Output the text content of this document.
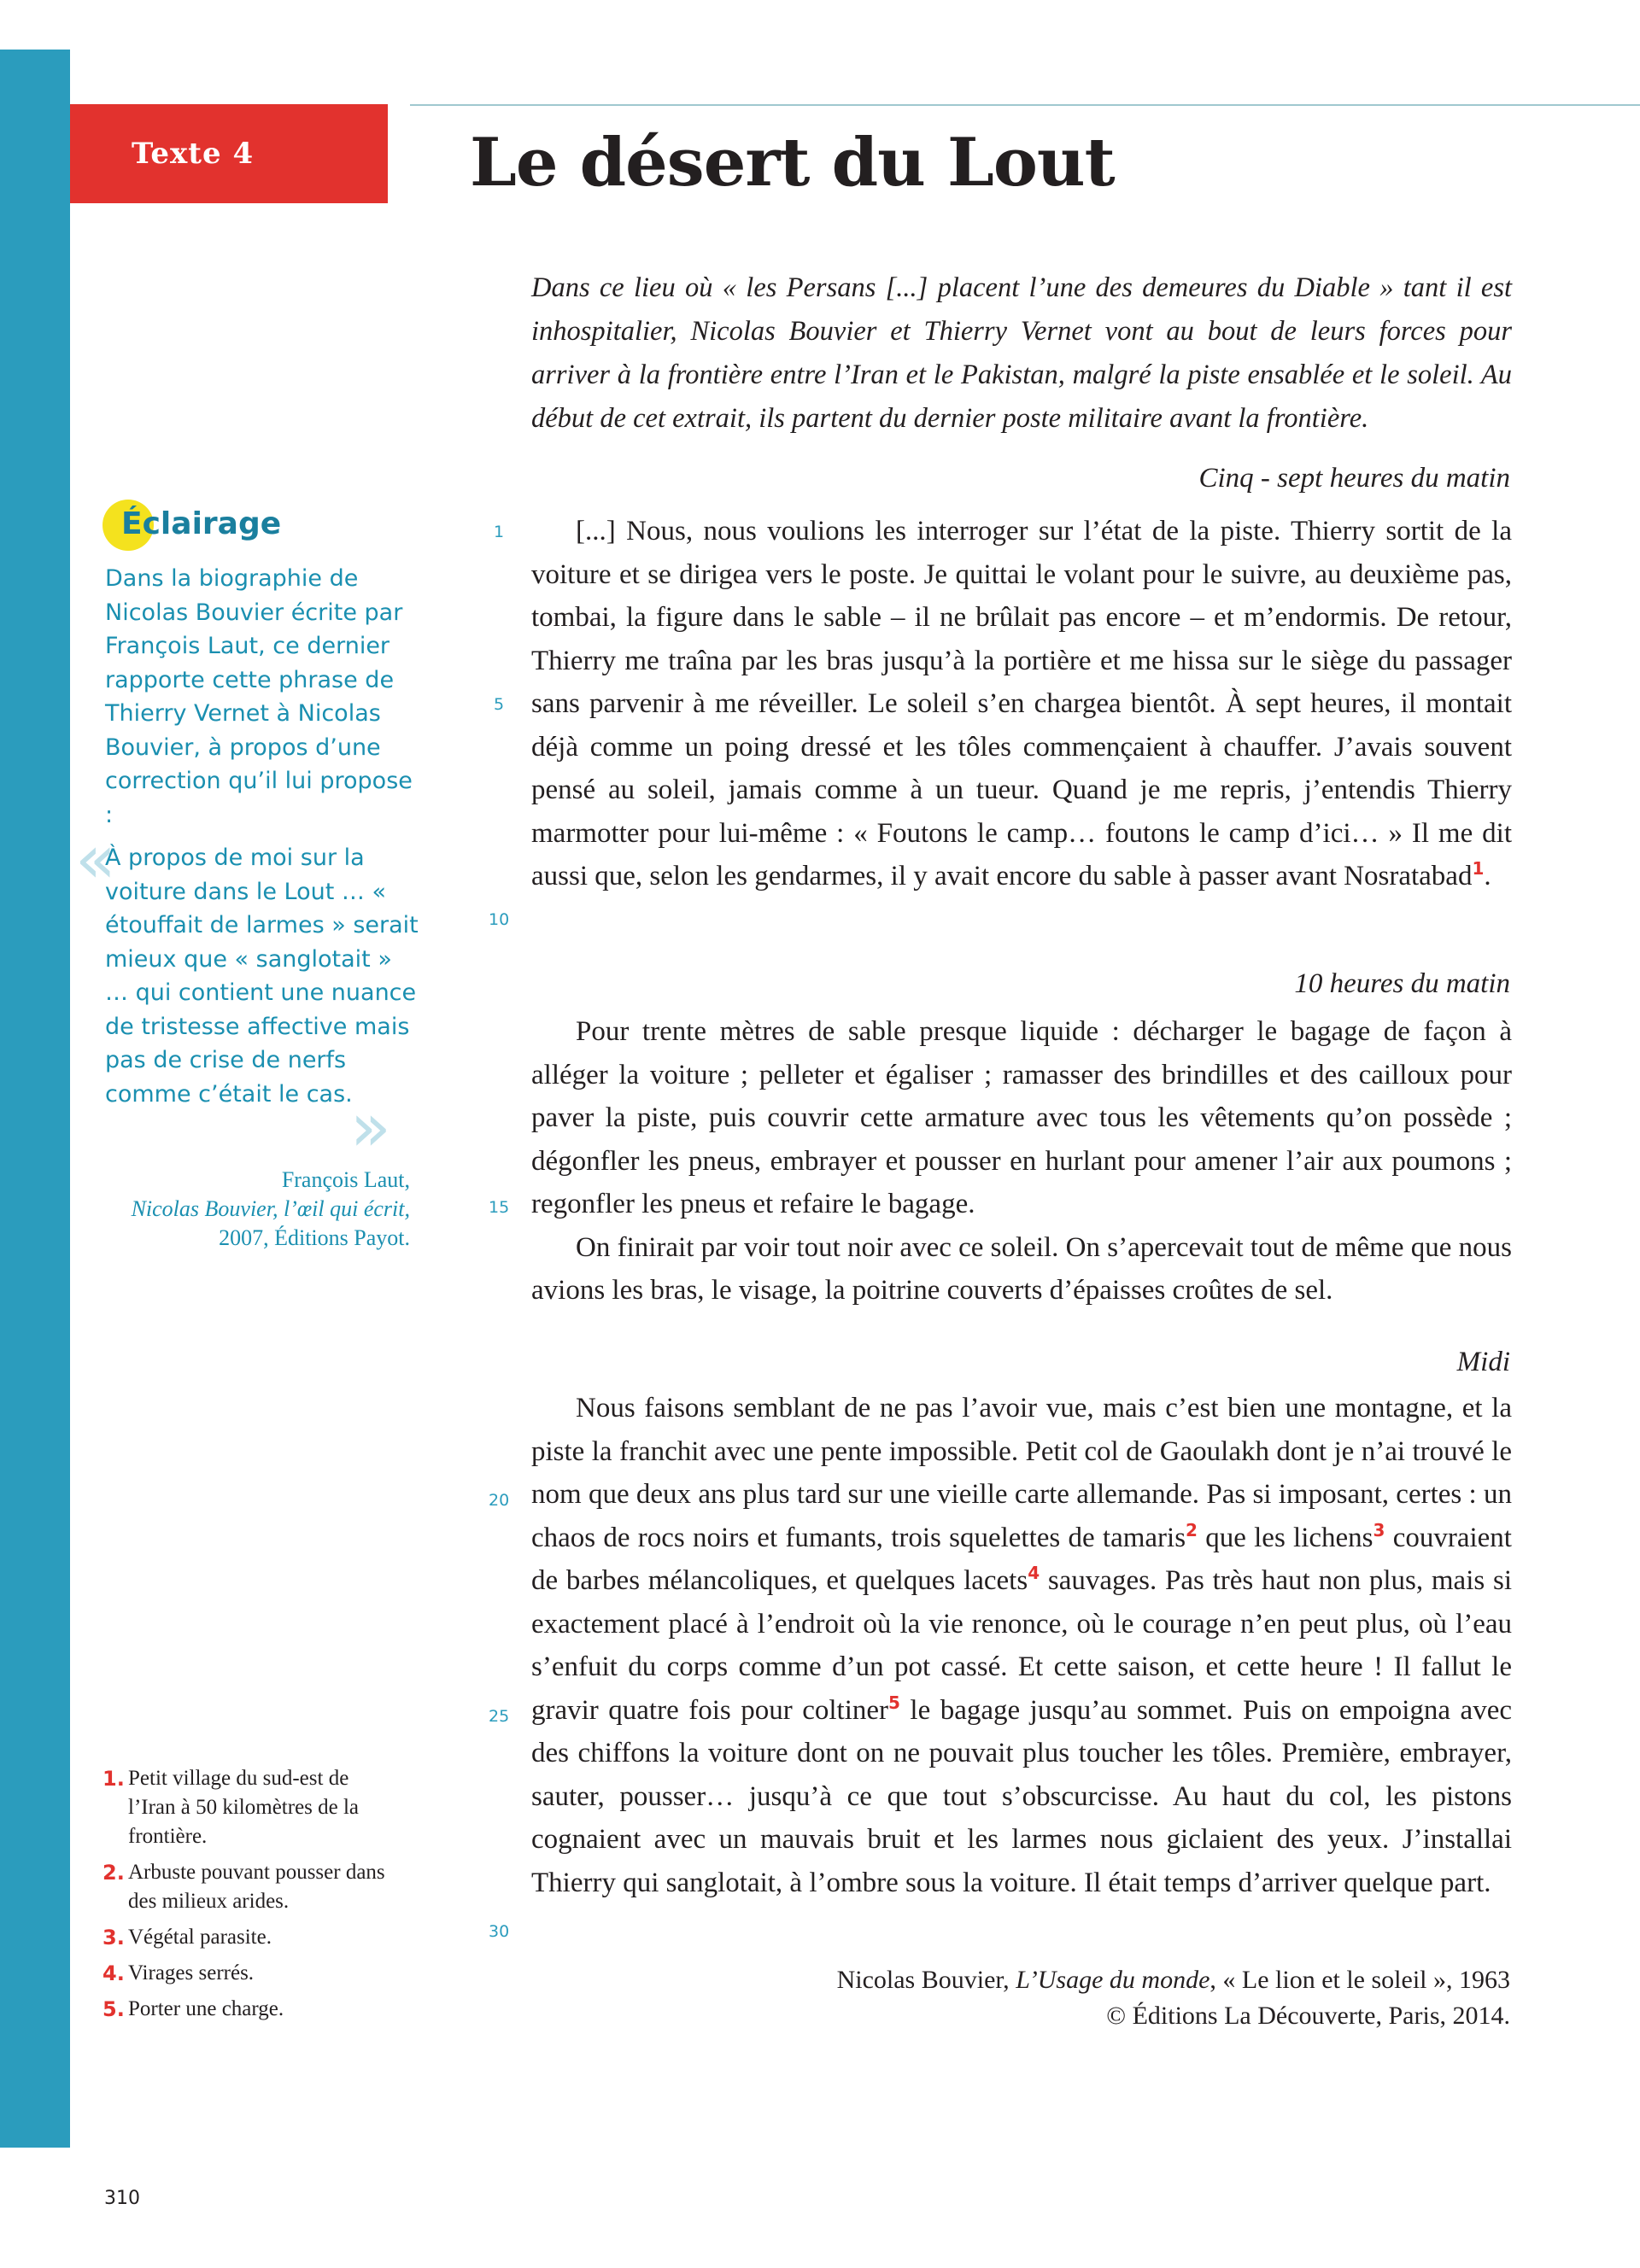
Texte 4	Le désert du Lout

Dans ce lieu où « les Persans [...] placent l’une des demeures du Diable » tant il est inhospitalier, Nicolas Bouvier et Thierry Vernet vont au bout de leurs forces pour arriver à la frontière entre l’Iran et le Pakistan, malgré la piste ensablée et le soleil. Au début de cet extrait, ils partent du dernier poste militaire avant la frontière.

Cinq - sept heures du matin

[...] Nous, nous voulions les interroger sur l’état de la piste. Thierry sortit de la voiture et se dirigea vers le poste. Je quittai le volant pour le suivre, au deuxième pas, tombai, la figure dans le sable – il ne brûlait pas encore – et m’endormis. De retour, Thierry me traîna par les bras jusqu’à la portière et me hissa sur le siège du passager sans parvenir à me réveiller. Le soleil s’en chargea bientôt. À sept heures, il montait déjà comme un poing dressé et les tôles commençaient à chauffer. J’avais souvent pensé au soleil, jamais comme à un tueur. Quand je me repris, j’entendis Thierry marmotter pour lui-même : « Foutons le camp… foutons le camp d’ici… » Il me dit aussi que, selon les gendarmes, il y avait encore du sable à passer avant Nosratabad$^1$.

10 heures du matin

Pour trente mètres de sable presque liquide : décharger le bagage de façon à alléger la voiture ; pelleter et égaliser ; ramasser des brindilles et des cailloux pour paver la piste, puis couvrir cette armature avec tous les vêtements qu’on possède ; dégonfler les pneus, embrayer et pousser en hurlant pour amener l’air aux poumons ; regonfler les pneus et refaire le bagage.

On finirait par voir tout noir avec ce soleil. On s’apercevait tout de même que nous avions les bras, le visage, la poitrine couverts d’épaisses croûtes de sel.

Midi

Nous faisons semblant de ne pas l’avoir vue, mais c’est bien une montagne, et la piste la franchit avec une pente impossible. Petit col de Gaoulakh dont je n’ai trouvé le nom que deux ans plus tard sur une vieille carte allemande. Pas si imposant, certes : un chaos de rocs noirs et fumants, trois squelettes de tamaris$^2$ que les lichens$^3$ couvraient de barbes mélancoliques, et quelques lacets$^4$ sauvages. Pas très haut non plus, mais si exactement placé à l’endroit où la vie renonce, où le courage n’en peut plus, où l’eau s’enfuit du corps comme d’un pot cassé. Et cette saison, et cette heure ! Il fallut le gravir quatre fois pour coltiner$^5$ le bagage jusqu’au sommet. Puis on empoigna avec des chiffons la voiture dont on ne pouvait plus toucher les tôles. Première, embrayer, sauter, pousser… jusqu’à ce que tout s’obscurcisse. Au haut du col, les pistons cognaient avec un mauvais bruit et les larmes nous giclaient des yeux. J’installai Thierry qui sanglotait, à l’ombre sous la voiture. Il était temps d’arriver quelque part.

1
5
10
15
20
25
30
Nicolas Bouvier, L’Usage du monde, « Le lion et le soleil », 1963
© Éditions La Découverte, Paris, 2014.
Éclairage

Dans la biographie de Nicolas Bouvier écrite par François Laut, ce dernier rapporte cette phrase de Thierry Vernet à Nicolas Bouvier, à propos d’une correction qu’il lui propose :

«

À propos de moi sur la voiture dans le Lout … « étouffait de larmes » serait mieux que « sanglotait » … qui contient une nuance de tristesse affective mais pas de crise de nerfs comme c’était le cas.

»
François Laut,
Nicolas Bouvier, l’œil qui écrit,
2007, Éditions Payot.
1. Petit village du sud-est de l’Iran à 50 kilomètres de la frontière.
2. Arbuste pouvant pousser dans des milieux arides.
3. Végétal parasite.
4. Virages serrés.
5. Porter une charge.
310
